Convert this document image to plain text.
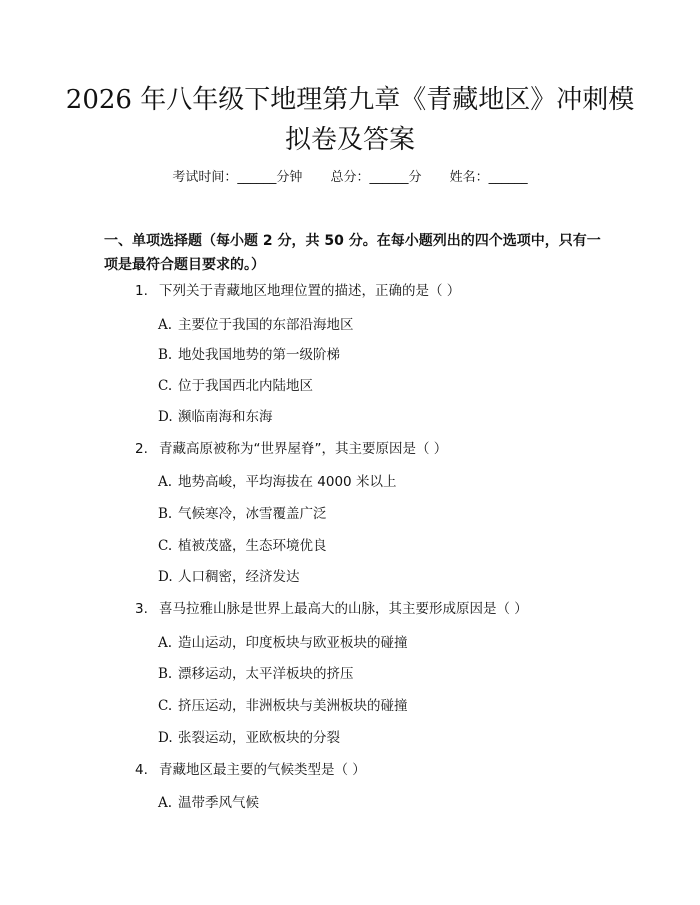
2026 年八年级下地理第九章《青藏地区》冲刺模拟卷及答案
考试时间：______分钟 总分：______分 姓名：______
一、单项选择题（每小题 2 分，共 50 分。在每小题列出的四个选项中，只有一项是最符合题目要求的。）
1. 下列关于青藏地区地理位置的描述，正确的是（ ）
A. 主要位于我国的东部沿海地区
B. 地处我国地势的第一级阶梯
C. 位于我国西北内陆地区
D. 濒临南海和东海
2. 青藏高原被称为“世界屋脊”，其主要原因是（ ）
A. 地势高峻，平均海拔在 4000 米以上
B. 气候寒冷，冰雪覆盖广泛
C. 植被茂盛，生态环境优良
D. 人口稠密，经济发达
3. 喜马拉雅山脉是世界上最高大的山脉，其主要形成原因是（ ）
A. 造山运动，印度板块与欧亚板块的碰撞
B. 漂移运动，太平洋板块的挤压
C. 挤压运动，非洲板块与美洲板块的碰撞
D. 张裂运动，亚欧板块的分裂
4. 青藏地区最主要的气候类型是（ ）
A. 温带季风气候
